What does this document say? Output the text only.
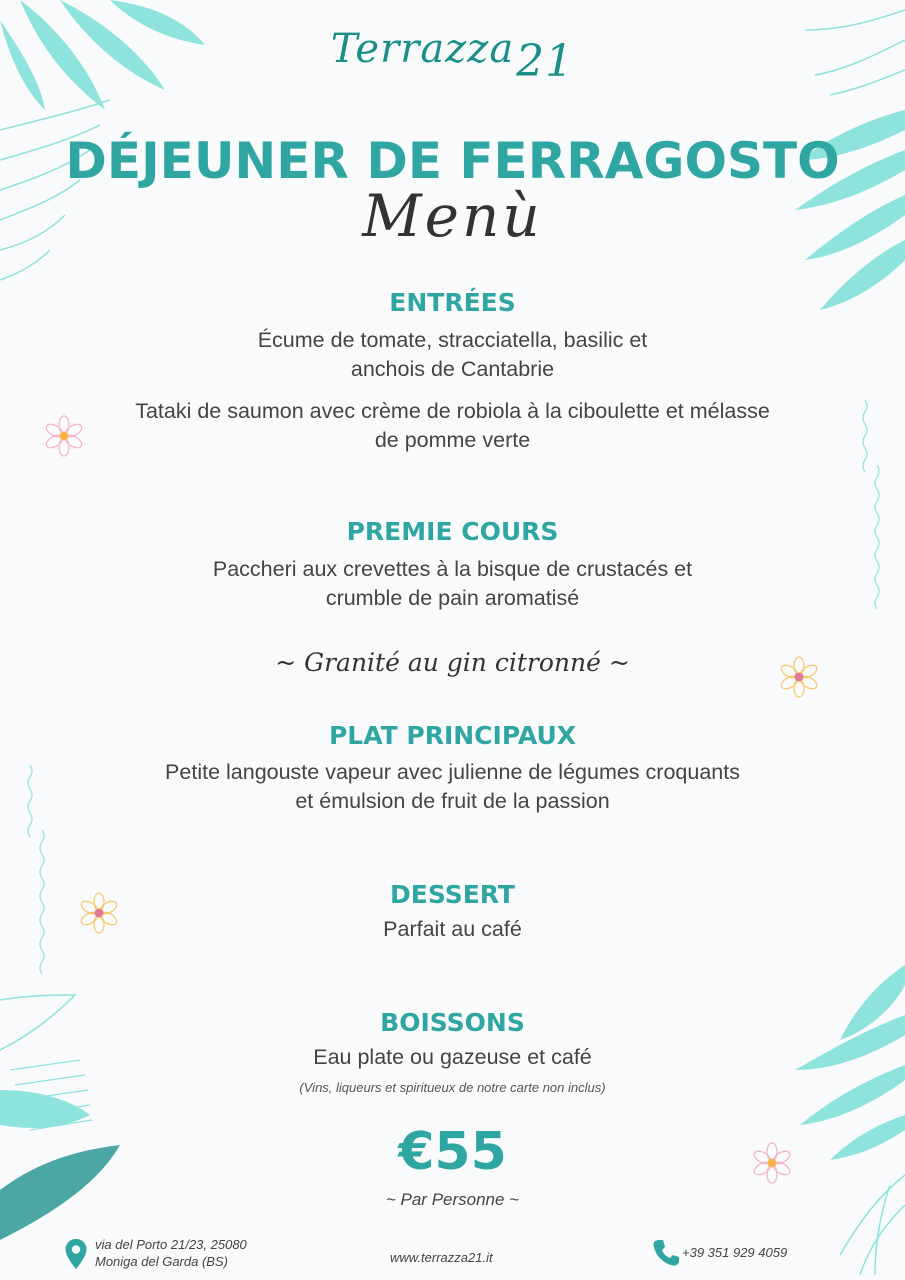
Terrazza21
DÉJEUNER DE FERRAGOSTO
Menù
ENTRÉES
Écume de tomate, stracciatella, basilic et
anchois de Cantabrie
Tataki de saumon avec crème de robiola à la ciboulette et mélasse
de pomme verte
PREMIE COURS
Paccheri aux crevettes à la bisque de crustacés et
crumble de pain aromatisé
~ Granité au gin citronné ~
PLAT PRINCIPAUX
Petite langouste vapeur avec julienne de légumes croquants
et émulsion de fruit de la passion
DESSERT
Parfait au café
BOISSONS
Eau plate ou gazeuse et café
(Vins, liqueurs et spiritueux de notre carte non inclus)
€55
~ Par Personne ~
via del Porto 21/23, 25080
Moniga del Garda (BS)	www.terrazza21.it	+39 351 929 4059
